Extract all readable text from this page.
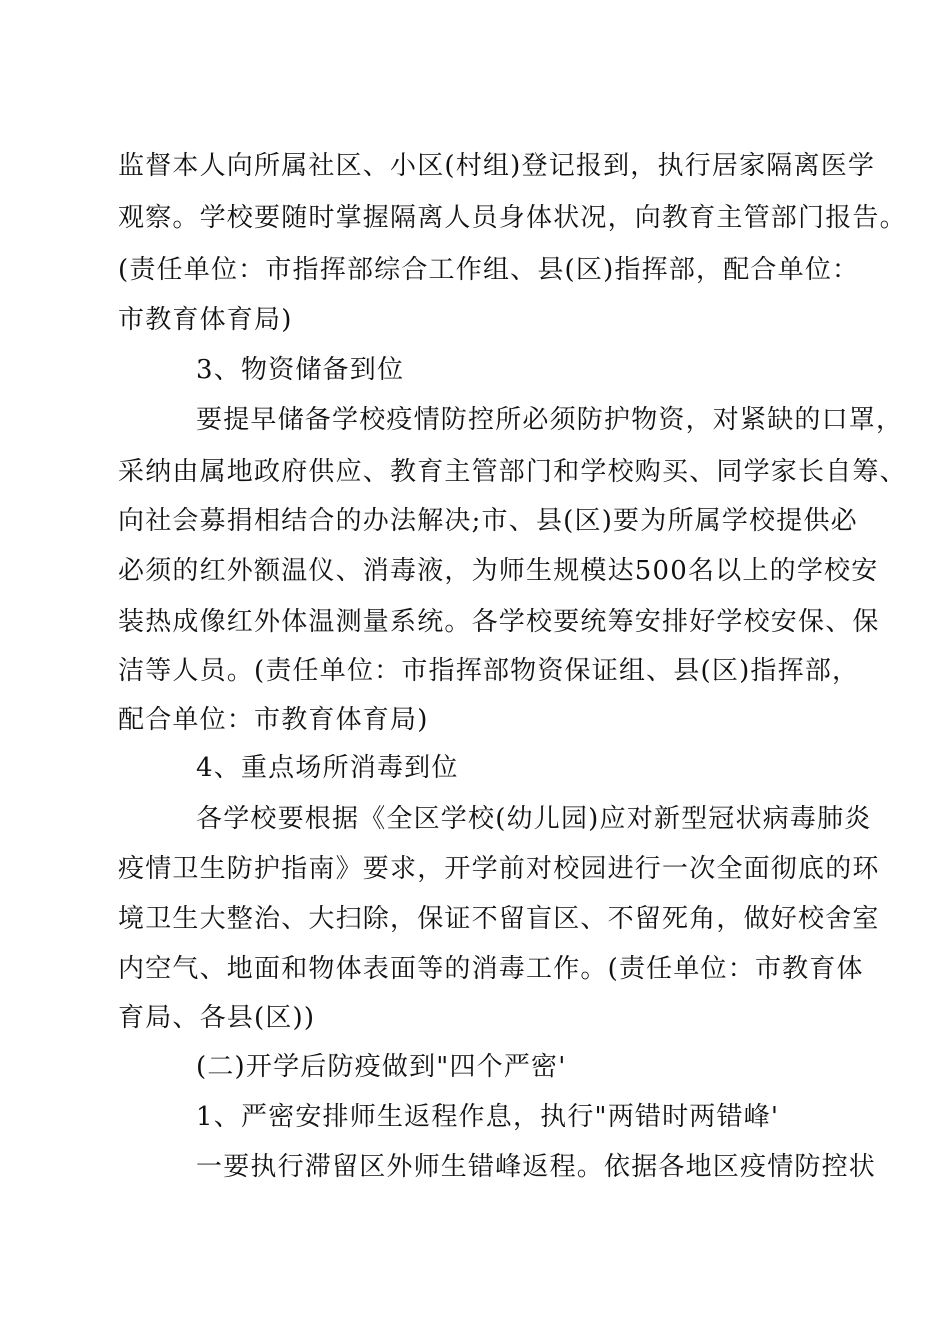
监督本人向所属社区、小区(村组)登记报到，执行居家隔离医学
观察。学校要随时掌握隔离人员身体状况，向教育主管部门报告。
(责任单位：市指挥部综合工作组、县(区)指挥部，配合单位：
市教育体育局)
3、物资储备到位
要提早储备学校疫情防控所必须防护物资，对紧缺的口罩，
采纳由属地政府供应、教育主管部门和学校购买、同学家长自筹、
向社会募捐相结合的办法解决;市、县(区)要为所属学校提供必
必须的红外额温仪、消毒液，为师生规模达500名以上的学校安
装热成像红外体温测量系统。各学校要统筹安排好学校安保、保
洁等人员。(责任单位：市指挥部物资保证组、县(区)指挥部，
配合单位：市教育体育局)
4、重点场所消毒到位
各学校要根据《全区学校(幼儿园)应对新型冠状病毒肺炎
疫情卫生防护指南》要求，开学前对校园进行一次全面彻底的环
境卫生大整治、大扫除，保证不留盲区、不留死角，做好校舍室
内空气、地面和物体表面等的消毒工作。(责任单位：市教育体
育局、各县(区))
(二)开学后防疫做到"四个严密'
1、严密安排师生返程作息，执行"两错时两错峰'
一要执行滞留区外师生错峰返程。依据各地区疫情防控状
